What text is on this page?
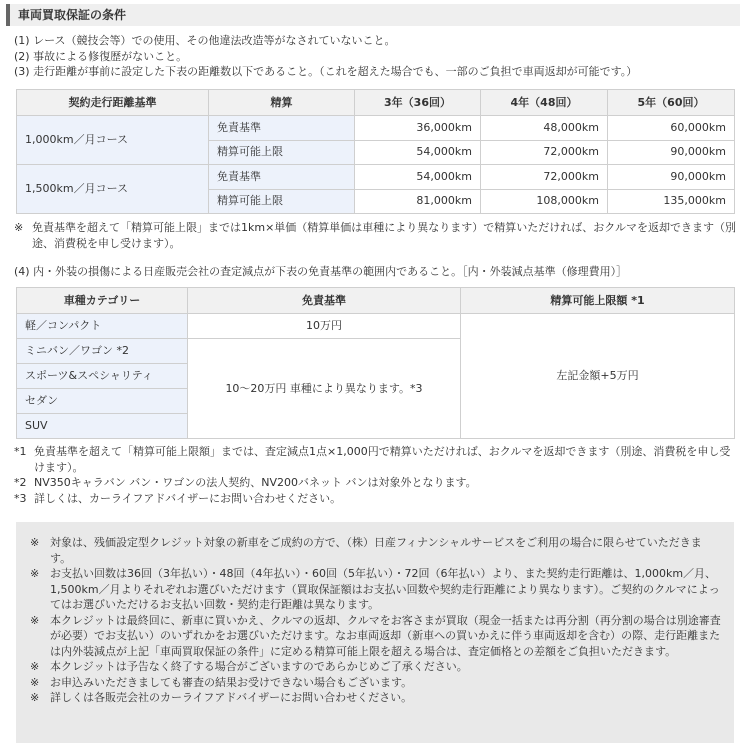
車両買取保証の条件
(1) レース（競技会等）での使用、その他違法改造等がなされていないこと。
(2) 事故による修復歴がないこと。
(3) 走行距離が事前に設定した下表の距離数以下であること。（これを超えた場合でも、一部のご負担で車両返却が可能です。）
契約走行距離基準	精算	3年（36回）	4年（48回）	5年（60回）
1,000km／月コース	免責基準	36,000km	48,000km	60,000km
	精算可能上限	54,000km	72,000km	90,000km
1,500km／月コース	免責基準	54,000km	72,000km	90,000km
	精算可能上限	81,000km	108,000km	135,000km
※ 免責基準を超えて「精算可能上限」までは1km×単価（精算単価は車種により異なります）で精算いただければ、おクルマを返却できます（別途、消費税を申し受けます）。
(4) 内・外装の損傷による日産販売会社の査定減点が下表の免責基準の範囲内であること。［内・外装減点基準（修理費用）］
車種カテゴリー	免責基準	精算可能上限額 *1
軽／コンパクト	10万円	左記金額+5万円
ミニバン／ワゴン *2	10～20万円 車種により異なります。*3	
スポーツ&スペシャリティ		
セダン		
SUV		
*1 免責基準を超えて「精算可能上限額」までは、査定減点1点×1,000円で精算いただければ、おクルマを返却できます（別途、消費税を申し受けます）。
*2 NV350キャラバン バン・ワゴンの法人契約、NV200バネット バンは対象外となります。
*3 詳しくは、カーライフアドバイザーにお問い合わせください。
※ 対象は、残価設定型クレジット対象の新車をご成約の方で、（株）日産フィナンシャルサービスをご利用の場合に限らせていただきます。
※ お支払い回数は36回（3年払い）・48回（4年払い）・60回（5年払い）・72回（6年払い）より、また契約走行距離は、1,000km／月、1,500km／月よりそれぞれお選びいただけます（買取保証額はお支払い回数や契約走行距離により異なります）。ご契約のクルマによってはお選びいただけるお支払い回数・契約走行距離は異なります。
※ 本クレジットは最終回に、新車に買いかえ、クルマの返却、クルマをお客さまが買取（現金一括または再分割（再分割の場合は別途審査が必要）でお支払い）のいずれかをお選びいただけます。なお車両返却（新車への買いかえに伴う車両返却を含む）の際、走行距離または内外装減点が上記「車両買取保証の条件」に定める精算可能上限を超える場合は、査定価格との差額をご負担いただきます。
※ 本クレジットは予告なく終了する場合がございますのであらかじめご了承ください。
※ お申込みいただきましても審査の結果お受けできない場合もございます。
※ 詳しくは各販売会社のカーライフアドバイザーにお問い合わせください。
